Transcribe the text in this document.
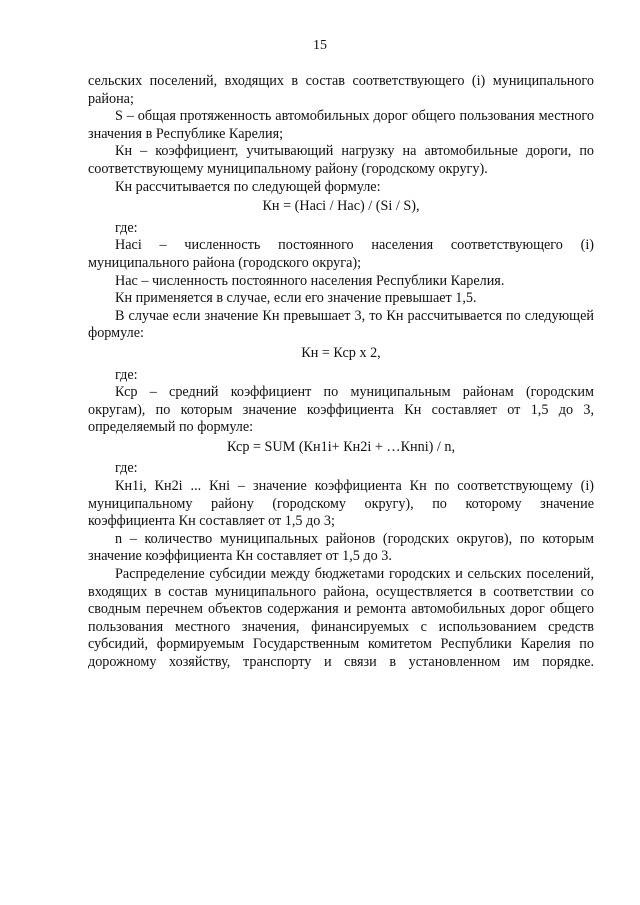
15

сельских поселений, входящих в состав соответствующего (i) муниципального района;

S – общая протяженность автомобильных дорог общего пользования местного значения в Республике Карелия;

Кн – коэффициент, учитывающий нагрузку на автомобильные дороги, по соответствующему муниципальному району (городскому округу).

Кн рассчитывается по следующей формуле:

Кн = (Насi / Нас) / (Si / S),

где:

Насi – численность постоянного населения соответствующего (i) муниципального района (городского округа);

Нас – численность постоянного населения Республики Карелия.

Кн применяется в случае, если его значение превышает 1,5.

В случае если значение Кн превышает 3, то Кн рассчитывается по следующей формуле:

Кн = Кср х 2,

где:

Кср – средний коэффициент по муниципальным районам (городским округам), по которым значение коэффициента Кн составляет от 1,5 до 3, определяемый по формуле:

Кср = SUM (Кн1i+ Кн2i + …Кнni) / n,

где:

Кн1i, Кн2i ... Кнi – значение коэффициента Кн по соответствующему (i) муниципальному району (городскому округу), по которому значение коэффициента Кн составляет от 1,5 до 3;

n – количество муниципальных районов (городских округов), по которым значение коэффициента Кн составляет от 1,5 до 3.

Распределение субсидии между бюджетами городских и сельских поселений, входящих в состав муниципального района, осуществляется в соответствии со сводным перечнем объектов содержания и ремонта автомобильных дорог общего пользования местного значения, финансируемых с использованием средств субсидий, формируемым Государственным комитетом Республики Карелия по дорожному хозяйству, транспорту и связи в установленном им порядке.
